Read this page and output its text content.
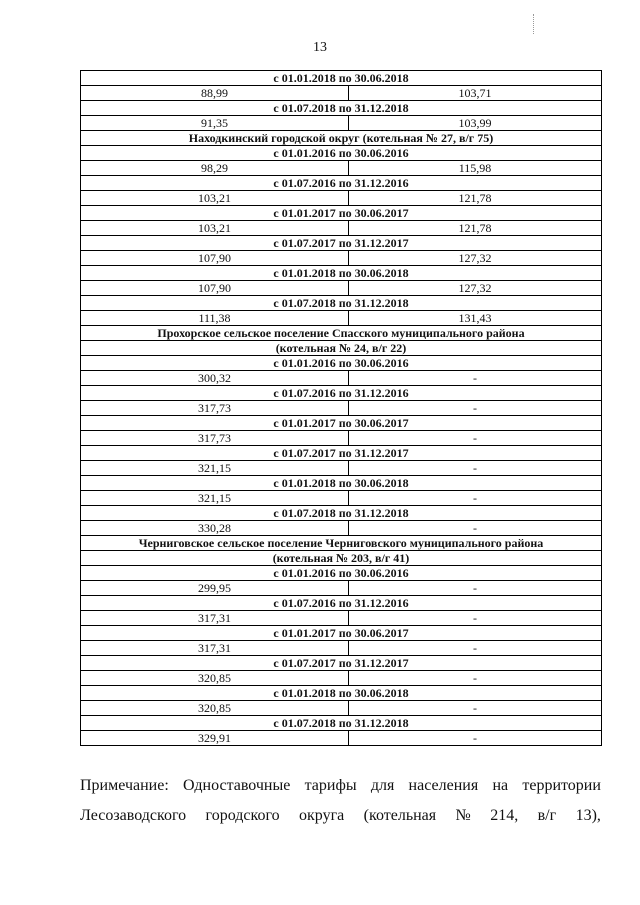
13
с 01.01.2018 по 30.06.2018	
88,99	103,71
с 01.07.2018 по 31.12.2018	
91,35	103,99
Находкинский городской округ (котельная № 27, в/г 75)	
с 01.01.2016 по 30.06.2016	
98,29	115,98
с 01.07.2016 по 31.12.2016	
103,21	121,78
с 01.01.2017 по 30.06.2017	
103,21	121,78
с 01.07.2017 по 31.12.2017	
107,90	127,32
с 01.01.2018 по 30.06.2018	
107,90	127,32
с 01.07.2018 по 31.12.2018	
111,38	131,43
Прохорское сельское поселение Спасского муниципального района	
(котельная № 24, в/г 22)	
с 01.01.2016 по 30.06.2016	
300,32	-
с 01.07.2016 по 31.12.2016	
317,73	-
с 01.01.2017 по 30.06.2017	
317,73	-
с 01.07.2017 по 31.12.2017	
321,15	-
с 01.01.2018 по 30.06.2018	
321,15	-
с 01.07.2018 по 31.12.2018	
330,28	-
Черниговское сельское поселение Черниговского муниципального района	
(котельная № 203, в/г 41)	
с 01.01.2016 по 30.06.2016	
299,95	-
с 01.07.2016 по 31.12.2016	
317,31	-
с 01.01.2017 по 30.06.2017	
317,31	-
с 01.07.2017 по 31.12.2017	
320,85	-
с 01.01.2018 по 30.06.2018	
320,85	-
с 01.07.2018 по 31.12.2018	
329,91	-
Примечание: Одноставочные тарифы для населения на территории
Лесозаводского городского округа (котельная № 214, в/г 13),
